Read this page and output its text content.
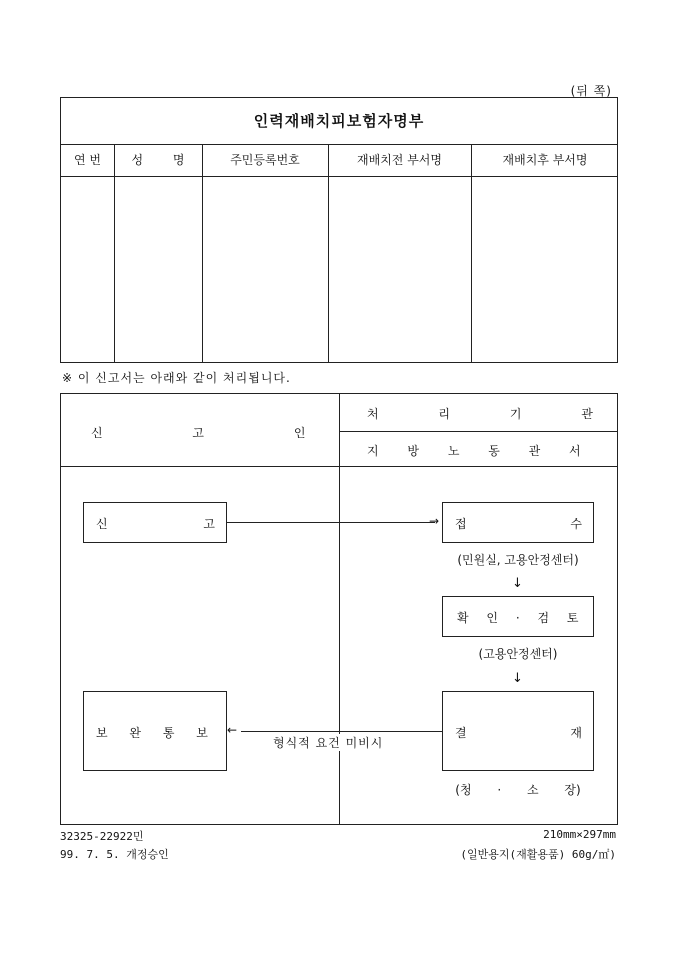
(뒤 쪽)
인력재배치피보험자명부
연 번	성 명	주민등록번호	재배치전 부서명	재배치후 부서명
※ 이 신고서는 아래와 같이 처리됩니다.
신 고 인
처 리 기 관
지 방 노 동 관 서
신 고	→ 접 수
(민원실, 고용안정센터)
↓
확 인 · 검 토
(고용안정센터)
↓
결 재
(청 · 소 장)
보 완 통 보 ←
형식적 요건 미비시
32325-22922민
99. 7. 5. 개정승인
210mm×297mm
(일반용지(재활용품) 60g/㎡)
